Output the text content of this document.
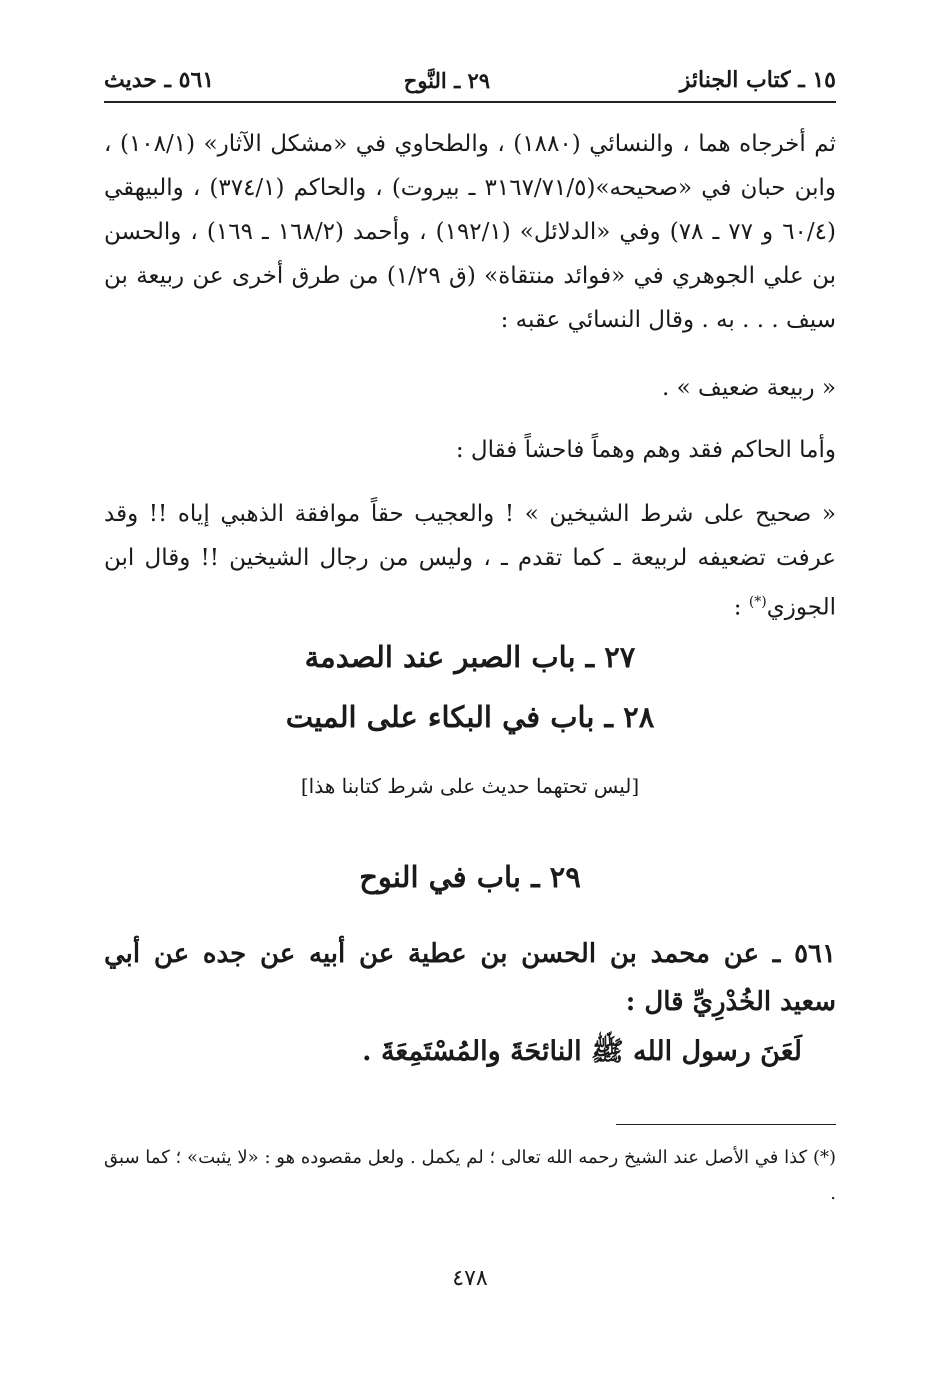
١٥ ـ كتاب الجنائز
٢٩ ـ النَّوح
٥٦١ ـ حديث
ثم أخرجاه هما ، والنسائي (١٨٨٠) ، والطحاوي في «مشكل الآثار» (١٠٨/١) ، وابن حبان في «صحيحه»(٣١٦٧/٧١/٥ ـ بيروت) ، والحاكم (٣٧٤/١) ، والبيهقي (٦٠/٤ و ٧٧ ـ ٧٨) وفي «الدلائل» (١٩٢/١) ، وأحمد (١٦٨/٢ ـ ١٦٩) ، والحسن بن علي الجوهري في «فوائد منتقاة» (ق ١/٢٩) من طرق أخرى عن ربيعة بن سيف . . . به . وقال النسائي عقبه :
« ربيعة ضعيف » .
وأما الحاكم فقد وهم وهماً فاحشاً فقال :
« صحيح على شرط الشيخين » ! والعجيب حقاً موافقة الذهبي إياه !! وقد عرفت تضعيفه لربيعة ـ كما تقدم ـ ، وليس من رجال الشيخين !! وقال ابن الجوزي(*) :
٢٧ ـ باب الصبر عند الصدمة
٢٨ ـ باب في البكاء على الميت
[ليس تحتهما حديث على شرط كتابنا هذا]
٢٩ ـ باب في النوح
٥٦١ ـ عن محمد بن الحسن بن عطية عن أبيه عن جده عن أبي سعيد الخُدْرِيِّ قال :
لَعَنَ رسول الله ﷺ النائحَةَ والمُسْتَمِعَةَ .
(*) كذا في الأصل عند الشيخ رحمه الله تعالى ؛ لم يكمل . ولعل مقصوده هو : «لا يثبت» ؛ كما سبق .
٤٧٨
